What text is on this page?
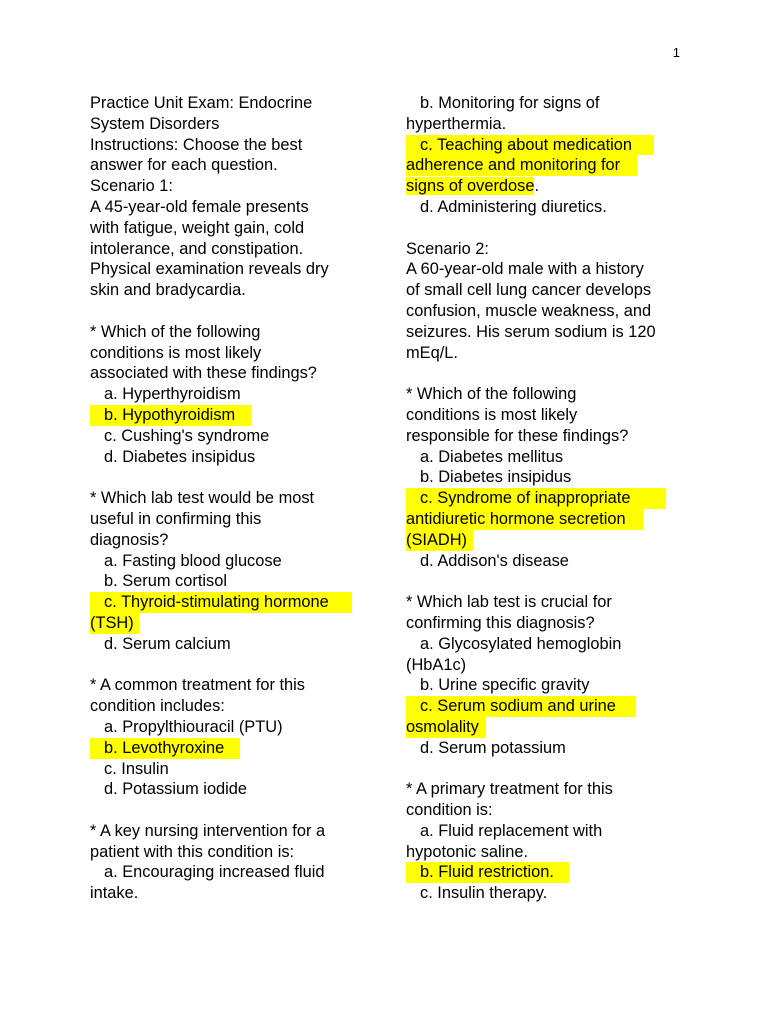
1
Practice Unit Exam: Endocrine
System Disorders
Instructions: Choose the best
answer for each question.
Scenario 1:
A 45-year-old female presents
with fatigue, weight gain, cold
intolerance, and constipation.
Physical examination reveals dry
skin and bradycardia.
* Which of the following
conditions is most likely
associated with these findings?
a. Hyperthyroidism
b. Hypothyroidism
c. Cushing's syndrome
d. Diabetes insipidus
* Which lab test would be most
useful in confirming this
diagnosis?
a. Fasting blood glucose
b. Serum cortisol
c. Thyroid-stimulating hormone
(TSH)
d. Serum calcium
* A common treatment for this
condition includes:
a. Propylthiouracil (PTU)
b. Levothyroxine
c. Insulin
d. Potassium iodide
* A key nursing intervention for a
patient with this condition is:
a. Encouraging increased fluid
intake.
b. Monitoring for signs of
hyperthermia.
c. Teaching about medication
adherence and monitoring for
signs of overdose.
d. Administering diuretics.
Scenario 2:
A 60-year-old male with a history
of small cell lung cancer develops
confusion, muscle weakness, and
seizures. His serum sodium is 120
mEq/L.
* Which of the following
conditions is most likely
responsible for these findings?
a. Diabetes mellitus
b. Diabetes insipidus
c. Syndrome of inappropriate
antidiuretic hormone secretion
(SIADH)
d. Addison's disease
* Which lab test is crucial for
confirming this diagnosis?
a. Glycosylated hemoglobin
(HbA1c)
b. Urine specific gravity
c. Serum sodium and urine
osmolality
d. Serum potassium
* A primary treatment for this
condition is:
a. Fluid replacement with
hypotonic saline.
b. Fluid restriction.
c. Insulin therapy.
